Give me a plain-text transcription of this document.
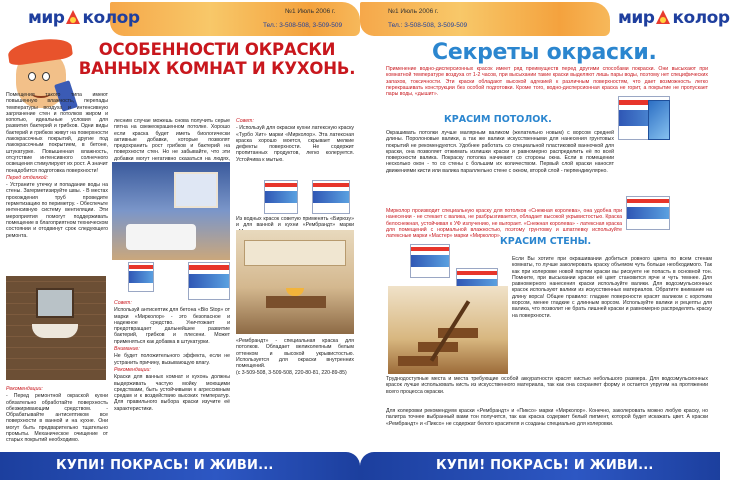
мир колор	№1 Июль 2006 г.
Тел.: 3-508-508, 3-509-509
ОСОБЕННОСТИ ОКРАСКИ ВАННЫХ КОМНАТ И КУХОНЬ.

Помещения такого типа имеют повышенную влажность, перепады температуры воздуха и интенсивную загрязнение стен и потолков жиром и копотью, идеальные условия для развития бактерий и грибков. Одни виды бактерий и грибков живут на поверхности лакокрасочных покрытий, другие под лакокрасочным покрытием, в бетоне, штукатурке. Повышенная влажность, отсутствие интенсивного солнечного освещения стимулируют их рост. А значит понадобится подготовка поверхности!

Перед отделкой:

- Устраните утечку и попадание воды на стены. Загерметизируйте швы. - В местах прохождения труб проведите герметизацию по периметру. - Обеспечьте интенсивную систему вентиляции. Эти мероприятия помогут поддерживать помещение в благоприятном техническом состоянии и отодвинут срок следующего ремонта.

Рекомендации:

- Перед ремонтной окраской кухни обязательно обработайте поверхность обезжиривающим средством. - Обрабатывайте антисептиком все поверхности в ванной и на кухне. Они могут быть предварительно тщательно промыты. Механическое очищение от старых покрытий необходимо.

лесним случае можешь снова получить серые пятна на свежеокрашенном потолке. Хорошо если краска будет иметь биологически активные добавки, которые позволят предохранить рост грибков и бактерий на поверхности стен. Но не забывайте, что эти добавки могут негативно сказаться на людях,

Совет:

Используй антисептик для бетона «Bio Stop» от марки «Мирколор» - это безопасное и надежное средство. Уничтожает и предотвращает дальнейшее развитие бактерий, грибков и плесени. Может применяться как добавка в штукатурки.

Внимание:

Не будет положительного эффекта, если не устранить причину, вызывающую влагу.

Рекомендации:

Краски для ванных комнат и кухонь должны выдерживать частую мойку моющими средствами, быть устойчивыми к агрессивным средам и к воздействию высоких температур. Для правильного выбора краски изучите её характеристики.

Совет:

- Используй для окраски кухни латексную краску «Турбо Хит» марки «Мирколор». Эта латексная краска хорошо моется, скрывает мелкие дефекты поверхности. Не содержит пропитанных продуктов, легко колеруется. Устойчива к мытью.

Из водных красок советую применять «Бирюзу» и для ванной и кухни «Рембрандт» марки

«Рембрандт» - специальная краска для потолков. Обладает великолепным белым оттенком и высокой укрывистостью. Используется для окраски внутренних помещений.

(с 3-509-508, 3-509-508, 220-80-81, 220-89-85)

КУПИ! ПОКРАСЬ! И ЖИВИ...
№1 Июль 2006 г.
Тел.: 3-508-508, 3-509-509	мир колор
Секреты окраски.
Применение водно-дисперсионных красок имеет ряд преимуществ перед другими способами покраски. Они высыхают при комнатной температуре воздуха от 1-2 часов, при высыхании такие краски выделяют лишь пары воды, поэтому нет специфических запахов, токсичности. Эти краски обладают высокой адгезией к различным поверхностям, что дает возможность легко перекрашивать конструкции без особой подготовки. Кроме того, водно-дисперсионная краска не горит, а покрытие не пропускает пары воды, «дышит».
КРАСИМ ПОТОЛОК.
Окрашивать потолки лучше малярным валиком (желательно новым) с ворсом средней длины. Поролоновые валики, а так же валики искусственными для нанесения грунтовых покрытий не рекомендуются. Удобнее работать со специальной пластиковой ванночкой для краски, она позволяет отжимать излишки краски и равномерно распределить её по всей поверхности валика. Покраску потолка начинают со стороны окна. Если в помещении несколько окон - то со стены с большим их количеством. Первый слой краски наносят движениями кисти или валика параллельно стене с окном, второй слой - перпендикулярно.
Мирколор производит специальную краску для потолков «Снежная королева», она удобна при нанесении - не стекает с валика, не разбрызгивается, обладает высокой укрывистостью. Краска белоснежная, устойчивая к УФ излучению, не выгорает. «Снежная королева» - латексная краска для помещений с нормальной влажностью, поэтому грунтовку и шпатлевку используйте латексные марки «Мастер» марки «Мирколор».
КРАСИМ СТЕНЫ.
Если Вы хотите при окрашивании добиться ровного цвета по всем стенам комнаты, то лучше заколеровать краску объемом чуть больше необходимого. Так как при колеровке новой партии краски вы рискуете не попасть в основной тон. Помните, при высыхании краски её цвет становится ярче и чуть темнее. Для равномерного нанесения краски используйте валики. Для водоэмульсионных красок используют валики из искусственных материалов. Обратите внимание на длину ворса! Общее правило: гладкие поверхности красят валиком с коротким ворсом, менее гладкие с длинным ворсом. Используйте валики и рецепты для валика, что позволит не брать лишней краски и равномерно распределять краску на поверхности.
Труднодоступные места и места требующие особой аккуратности красят кистью небольшого размера. Для водоэмульсионных красок лучше использовать кисть из искусственного материала, так как она сохраняет форму и остается упругим на протяжении всего процесса окраски.
Для колеровки рекомендуем краски «Рембрандт» и «Пиксо» марки «Мирколор». Конечно, заколеровать можно любую краску, но палитра точнее выбранный вами тон получится, так как краска содержит белый пигмент, которой будет искажать цвет. А краски «Рембрандт» и «Пиксо» не содержат белого красителя и созданы специально для колеровки.
КУПИ! ПОКРАСЬ! И ЖИВИ...
